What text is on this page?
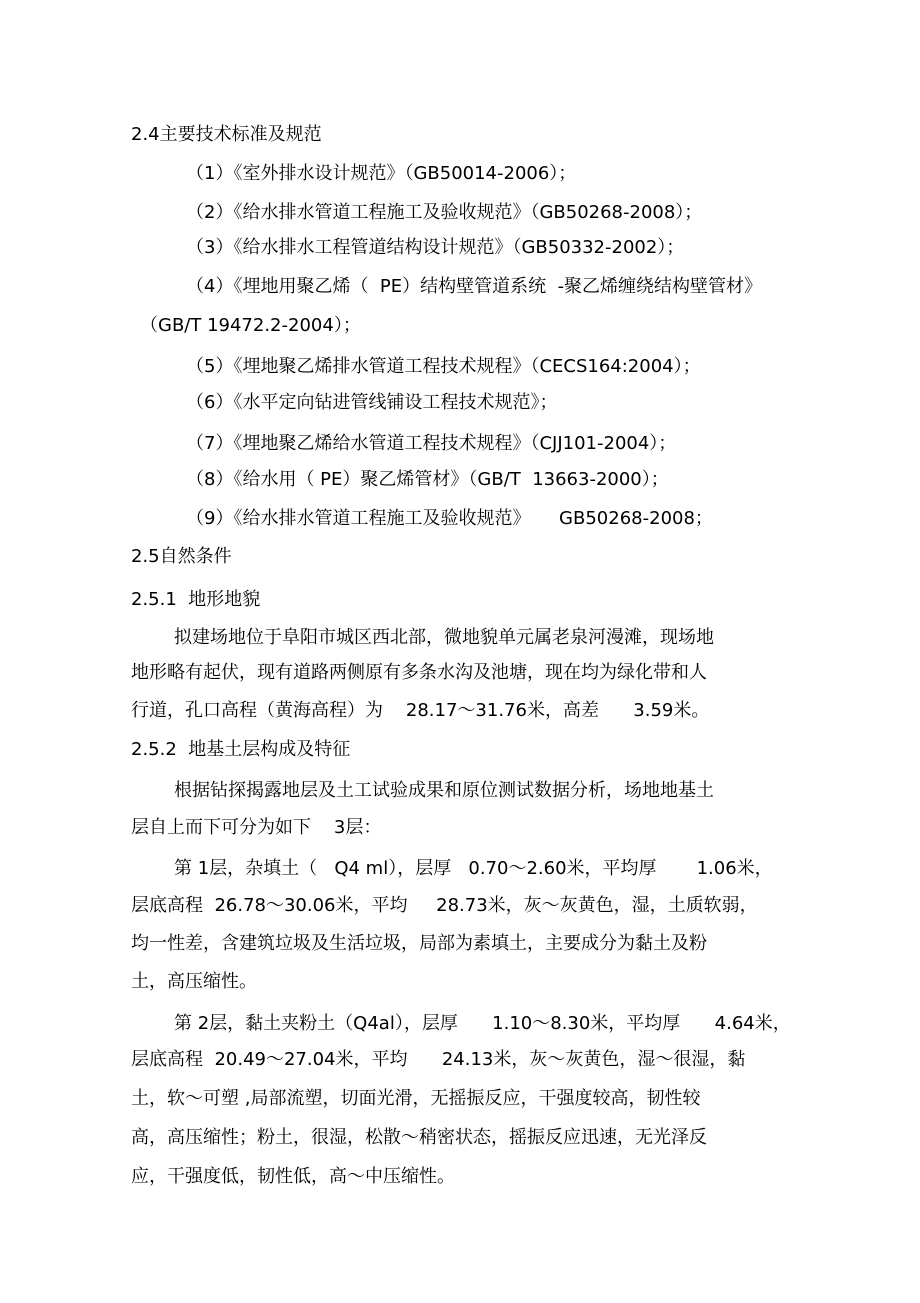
2.4主要技术标准及规范
（1）《室外排水设计规范》（GB50014-2006）；
（2）《给水排水管道工程施工及验收规范》（GB50268-2008）；
（3）《给水排水工程管道结构设计规范》（GB50332-2002）；
（4）《埋地用聚乙烯（  PE）结构壁管道系统  -聚乙烯缠绕结构壁管材》
（GB/T 19472.2-2004）；
（5）《埋地聚乙烯排水管道工程技术规程》（CECS164:2004）；
（6）《水平定向钻进管线铺设工程技术规范》；
（7）《埋地聚乙烯给水管道工程技术规程》（CJJ101-2004）；
（8）《给水用（ PE）聚乙烯管材》（GB/T  13663-2000）；
（9）《给水排水管道工程施工及验收规范》     GB50268-2008；
2.5自然条件
2.5.1  地形地貌
拟建场地位于阜阳市城区西北部，微地貌单元属老泉河漫滩，现场地
地形略有起伏，现有道路两侧原有多条水沟及池塘，现在均为绿化带和人
行道，孔口高程（黄海高程）为    28.17～31.76米，高差      3.59米。
2.5.2  地基土层构成及特征
根据钻探揭露地层及土工试验成果和原位测试数据分析，场地地基土
层自上而下可分为如下    3层：
第 1层，杂填土（   Q4 ml），层厚   0.70～2.60米，平均厚       1.06米，
层底高程  26.78～30.06米，平均     28.73米，灰～灰黄色，湿，土质软弱，
均一性差，含建筑垃圾及生活垃圾，局部为素填土，主要成分为黏土及粉
土，高压缩性。
第 2层，黏土夹粉土（Q4al），层厚      1.10～8.30米，平均厚      4.64米，
层底高程  20.49～27.04米，平均      24.13米，灰～灰黄色，湿～很湿，黏
土，软～可塑 ,局部流塑，切面光滑，无摇振反应，干强度较高，韧性较
高，高压缩性；粉土，很湿，松散～稍密状态，摇振反应迅速，无光泽反
应，干强度低，韧性低，高～中压缩性。
